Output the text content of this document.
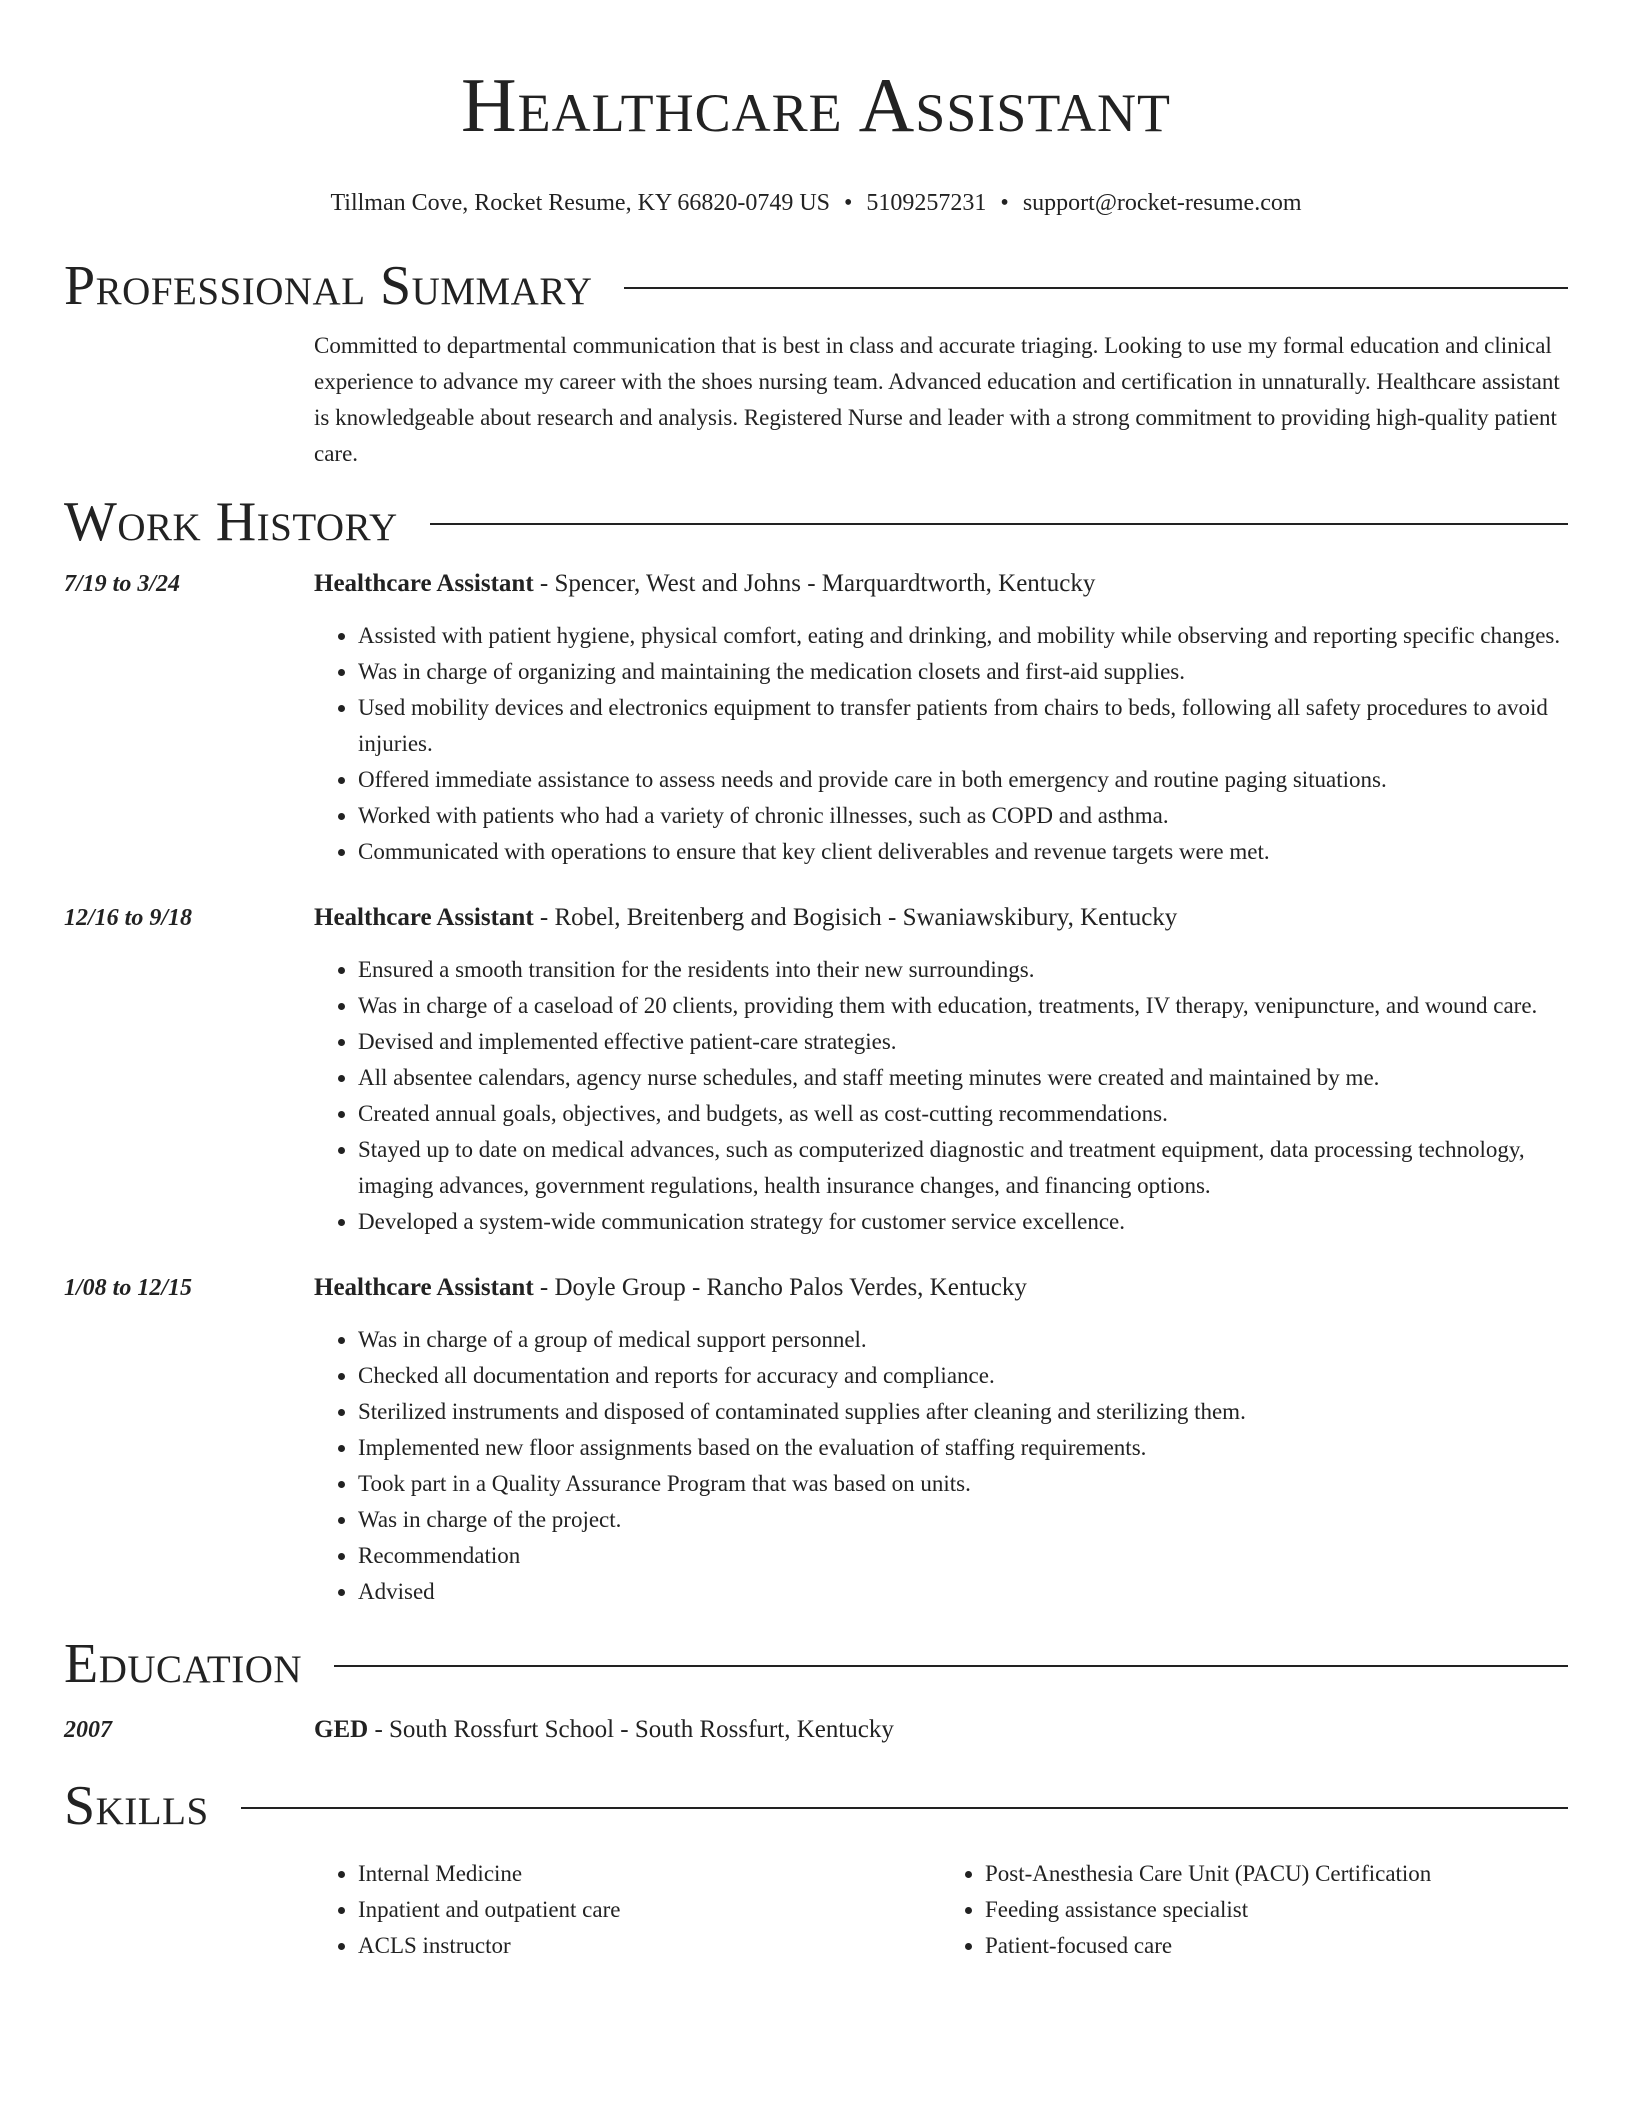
Healthcare Assistant
Tillman Cove, Rocket Resume, KY 66820-0749 US • 5109257231 • support@rocket-resume.com
Professional Summary
Committed to departmental communication that is best in class and accurate triaging. Looking to use my formal education and clinical experience to advance my career with the shoes nursing team. Advanced education and certification in unnaturally. Healthcare assistant is knowledgeable about research and analysis. Registered Nurse and leader with a strong commitment to providing high-quality patient care.
Work History
7/19 to 3/24	Healthcare Assistant - Spencer, West and Johns - Marquardtworth, Kentucky
• Assisted with patient hygiene, physical comfort, eating and drinking, and mobility while observing and reporting specific changes.
• Was in charge of organizing and maintaining the medication closets and first-aid supplies.
• Used mobility devices and electronics equipment to transfer patients from chairs to beds, following all safety procedures to avoid injuries.
• Offered immediate assistance to assess needs and provide care in both emergency and routine paging situations.
• Worked with patients who had a variety of chronic illnesses, such as COPD and asthma.
• Communicated with operations to ensure that key client deliverables and revenue targets were met.
12/16 to 9/18	Healthcare Assistant - Robel, Breitenberg and Bogisich - Swaniawskibury, Kentucky
• Ensured a smooth transition for the residents into their new surroundings.
• Was in charge of a caseload of 20 clients, providing them with education, treatments, IV therapy, venipuncture, and wound care.
• Devised and implemented effective patient-care strategies.
• All absentee calendars, agency nurse schedules, and staff meeting minutes were created and maintained by me.
• Created annual goals, objectives, and budgets, as well as cost-cutting recommendations.
• Stayed up to date on medical advances, such as computerized diagnostic and treatment equipment, data processing technology, imaging advances, government regulations, health insurance changes, and financing options.
• Developed a system-wide communication strategy for customer service excellence.
1/08 to 12/15	Healthcare Assistant - Doyle Group - Rancho Palos Verdes, Kentucky
• Was in charge of a group of medical support personnel.
• Checked all documentation and reports for accuracy and compliance.
• Sterilized instruments and disposed of contaminated supplies after cleaning and sterilizing them.
• Implemented new floor assignments based on the evaluation of staffing requirements.
• Took part in a Quality Assurance Program that was based on units.
• Was in charge of the project.
• Recommendation
• Advised
Education
2007	GED - South Rossfurt School - South Rossfurt, Kentucky
Skills
• Internal Medicine
• Inpatient and outpatient care
• ACLS instructor
• Post-Anesthesia Care Unit (PACU) Certification
• Feeding assistance specialist
• Patient-focused care
